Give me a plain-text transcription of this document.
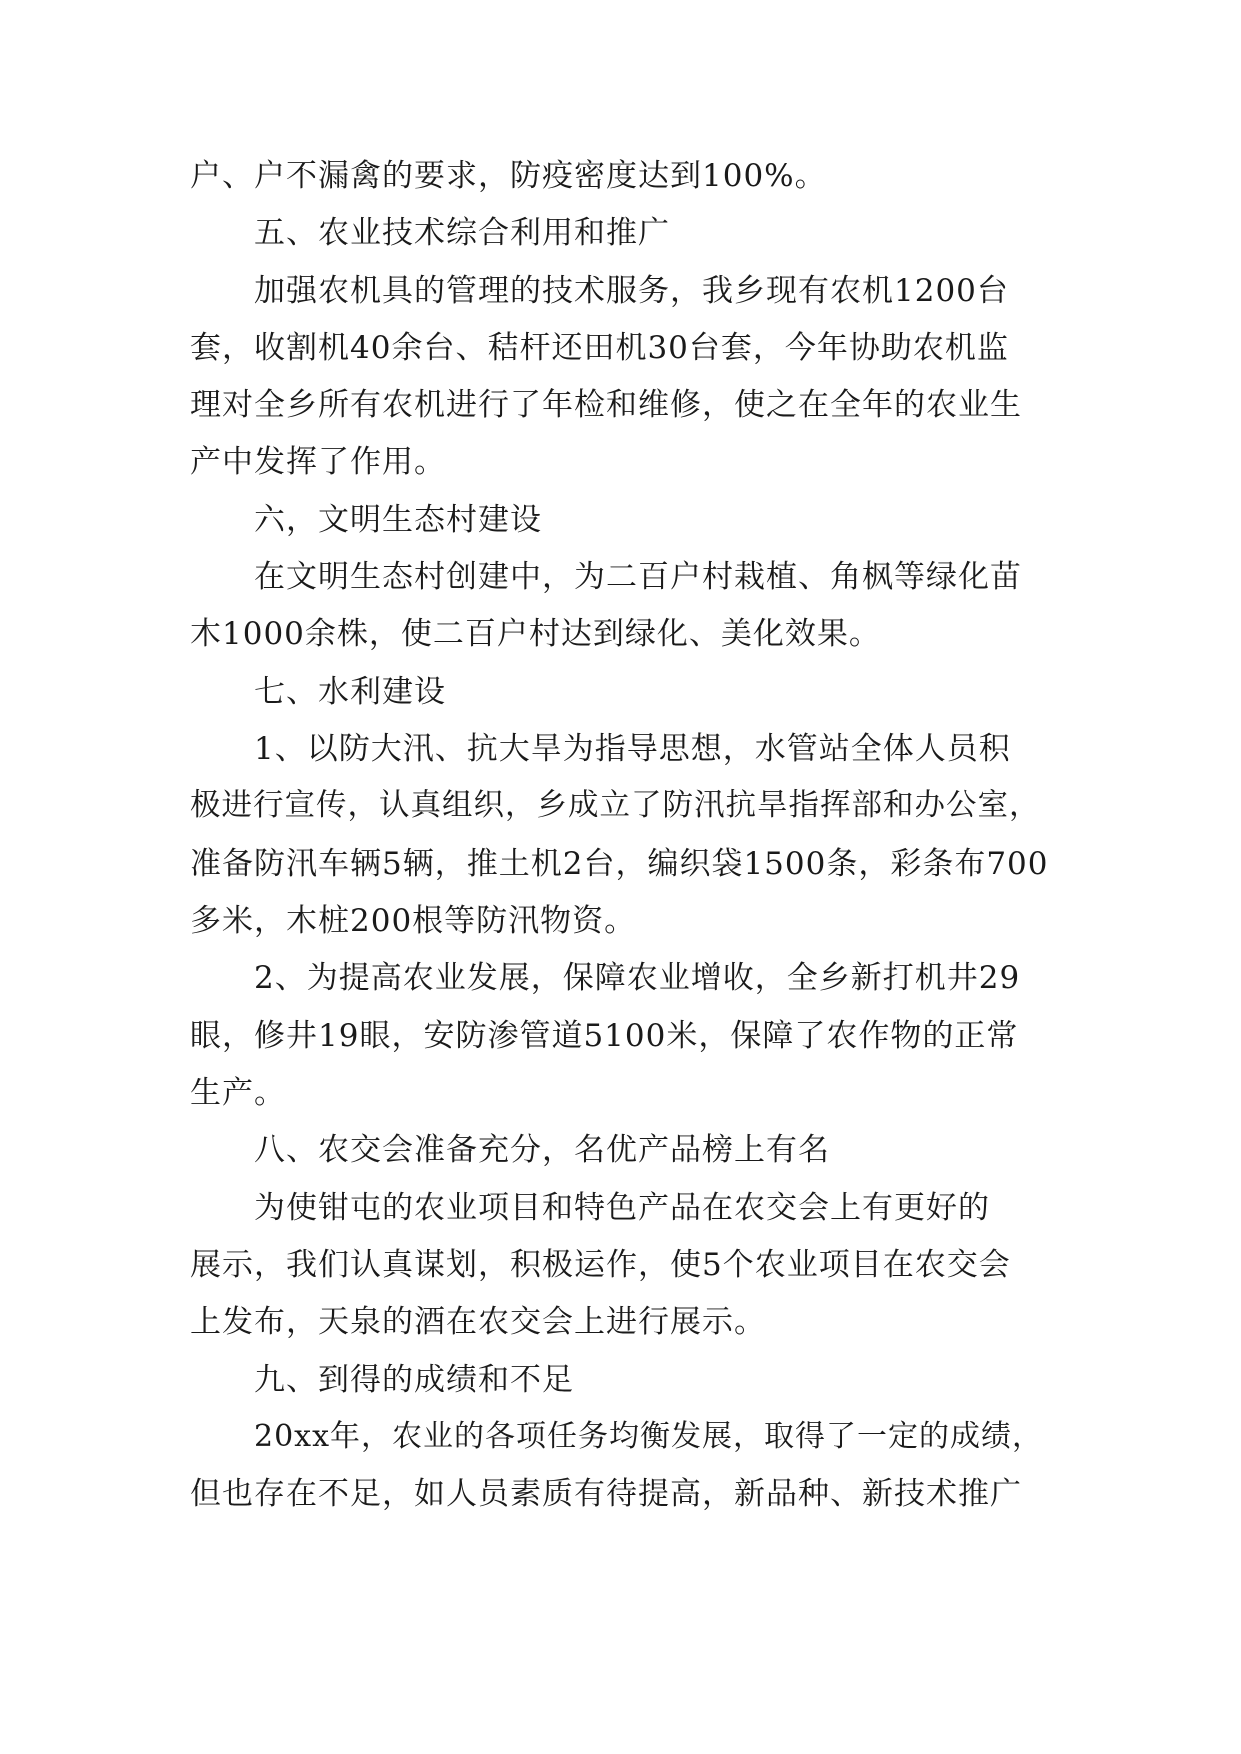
户、户不漏禽的要求，防疫密度达到100%。
五、农业技术综合利用和推广
加强农机具的管理的技术服务，我乡现有农机1200台
套，收割机40余台、秸杆还田机30台套，今年协助农机监
理对全乡所有农机进行了年检和维修，使之在全年的农业生
产中发挥了作用。
六，文明生态村建设
在文明生态村创建中，为二百户村栽植、角枫等绿化苗
木1000余株，使二百户村达到绿化、美化效果。
七、水利建设
1、以防大汛、抗大旱为指导思想，水管站全体人员积
极进行宣传，认真组织，乡成立了防汛抗旱指挥部和办公室，
准备防汛车辆5辆，推土机2台，编织袋1500条，彩条布700
多米，木桩200根等防汛物资。
2、为提高农业发展，保障农业增收，全乡新打机井29
眼，修井19眼，安防渗管道5100米，保障了农作物的正常
生产。
八、农交会准备充分，名优产品榜上有名
为使钳屯的农业项目和特色产品在农交会上有更好的
展示，我们认真谋划，积极运作，使5个农业项目在农交会
上发布，天泉的酒在农交会上进行展示。
九、到得的成绩和不足
20xx年，农业的各项任务均衡发展，取得了一定的成绩，
但也存在不足，如人员素质有待提高，新品种、新技术推广
